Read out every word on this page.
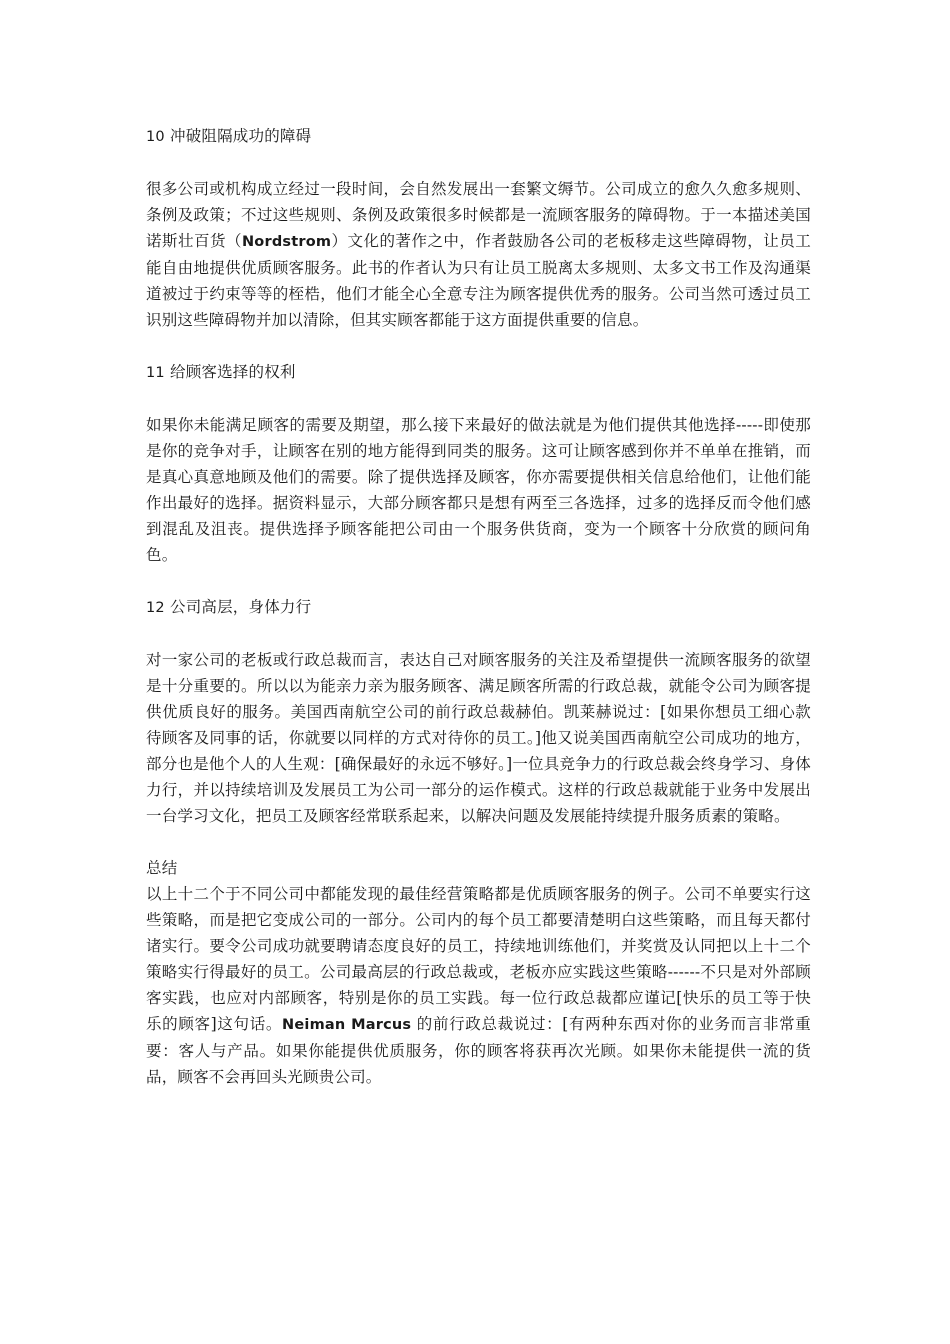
10 冲破阻隔成功的障碍

很多公司或机构成立经过一段时间，会自然发展出一套繁文缛节。公司成立的愈久久愈多规则、条例及政策；不过这些规则、条例及政策很多时候都是一流顾客服务的障碍物。于一本描述美国诺斯壮百货（Nordstrom）文化的著作之中，作者鼓励各公司的老板移走这些障碍物，让员工能自由地提供优质顾客服务。此书的作者认为只有让员工脱离太多规则、太多文书工作及沟通渠道被过于约束等等的桎梏，他们才能全心全意专注为顾客提供优秀的服务。公司当然可透过员工识别这些障碍物并加以清除，但其实顾客都能于这方面提供重要的信息。

11 给顾客选择的权利

如果你未能满足顾客的需要及期望，那么接下来最好的做法就是为他们提供其他选择-----即使那是你的竞争对手，让顾客在别的地方能得到同类的服务。这可让顾客感到你并不单单在推销，而是真心真意地顾及他们的需要。除了提供选择及顾客，你亦需要提供相关信息给他们，让他们能作出最好的选择。据资料显示，大部分顾客都只是想有两至三各选择，过多的选择反而令他们感到混乱及沮丧。提供选择予顾客能把公司由一个服务供货商，变为一个顾客十分欣赏的顾问角色。

12 公司高层，身体力行

对一家公司的老板或行政总裁而言，表达自己对顾客服务的关注及希望提供一流顾客服务的欲望是十分重要的。所以以为能亲力亲为服务顾客、满足顾客所需的行政总裁，就能令公司为顾客提供优质良好的服务。美国西南航空公司的前行政总裁赫伯。凯莱赫说过：[如果你想员工细心款待顾客及同事的话，你就要以同样的方式对待你的员工。]他又说美国西南航空公司成功的地方，部分也是他个人的人生观：[确保最好的永远不够好。]一位具竞争力的行政总裁会终身学习、身体力行，并以持续培训及发展员工为公司一部分的运作模式。这样的行政总裁就能于业务中发展出一台学习文化，把员工及顾客经常联系起来，以解决问题及发展能持续提升服务质素的策略。

总结

以上十二个于不同公司中都能发现的最佳经营策略都是优质顾客服务的例子。公司不单要实行这些策略，而是把它变成公司的一部分。公司内的每个员工都要清楚明白这些策略，而且每天都付诸实行。要令公司成功就要聘请态度良好的员工，持续地训练他们，并奖赏及认同把以上十二个策略实行得最好的员工。公司最高层的行政总裁或，老板亦应实践这些策略------不只是对外部顾客实践，也应对内部顾客，特别是你的员工实践。每一位行政总裁都应谨记[快乐的员工等于快乐的顾客]这句话。Neiman Marcus 的前行政总裁说过：[有两种东西对你的业务而言非常重要：客人与产品。如果你能提供优质服务，你的顾客将获再次光顾。如果你未能提供一流的货品，顾客不会再回头光顾贵公司。
